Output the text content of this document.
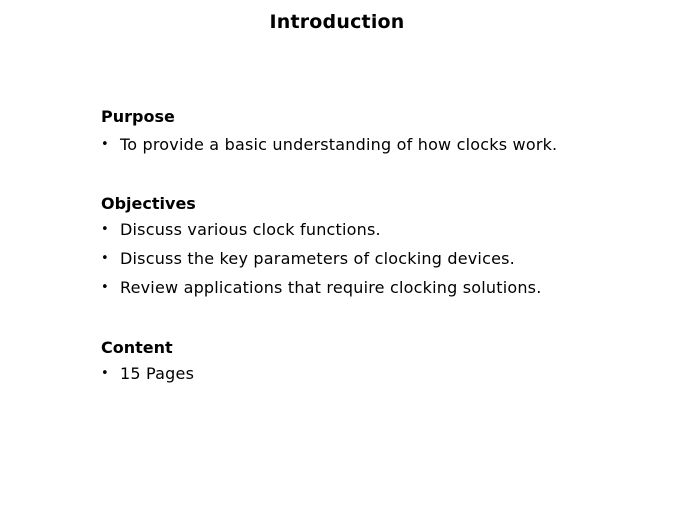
Introduction
Purpose
• To provide a basic understanding of how clocks work.
Objectives
• Discuss various clock functions.
• Discuss the key parameters of clocking devices.
• Review applications that require clocking solutions.
Content
• 15 Pages
